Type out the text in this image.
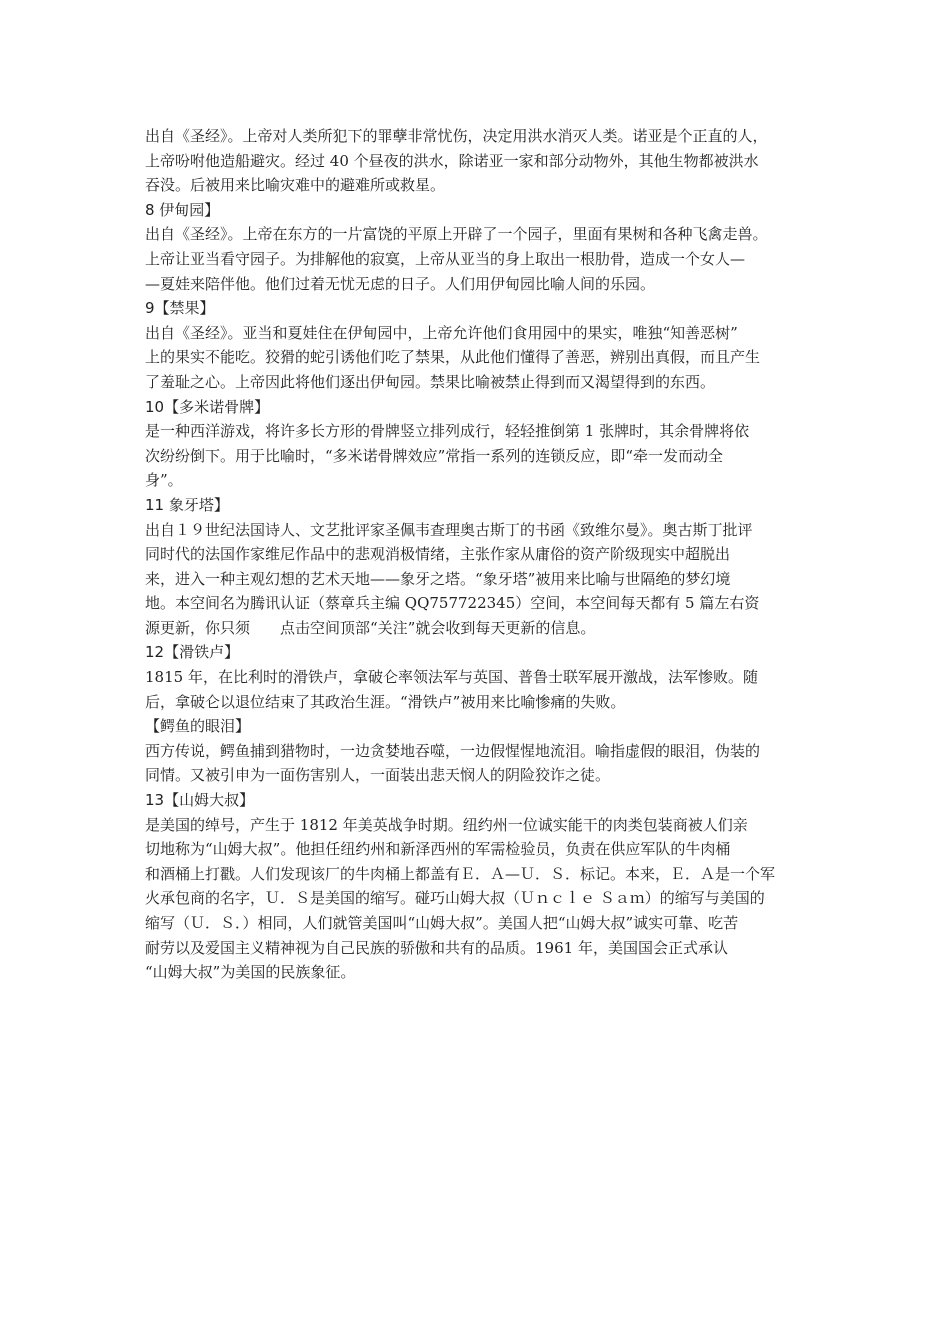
出自《圣经》。上帝对人类所犯下的罪孽非常忧伤，决定用洪水消灭人类。诺亚是个正直的人，
上帝吩咐他造船避灾。经过 40 个昼夜的洪水，除诺亚一家和部分动物外，其他生物都被洪水
吞没。后被用来比喻灾难中的避难所或救星。
8 伊甸园】
出自《圣经》。上帝在东方的一片富饶的平原上开辟了一个园子，里面有果树和各种飞禽走兽。
上帝让亚当看守园子。为排解他的寂寞，上帝从亚当的身上取出一根肋骨，造成一个女人—
—夏娃来陪伴他。他们过着无忧无虑的日子。人们用伊甸园比喻人间的乐园。
9【禁果】
出自《圣经》。亚当和夏娃住在伊甸园中，上帝允许他们食用园中的果实，唯独“知善恶树”
上的果实不能吃。狡猾的蛇引诱他们吃了禁果，从此他们懂得了善恶，辨别出真假，而且产生
了羞耻之心。上帝因此将他们逐出伊甸园。禁果比喻被禁止得到而又渴望得到的东西。
10【多米诺骨牌】
是一种西洋游戏，将许多长方形的骨牌竖立排列成行，轻轻推倒第 1 张牌时，其余骨牌将依
次纷纷倒下。用于比喻时，“多米诺骨牌效应”常指一系列的连锁反应，即“牵一发而动全
身”。
11 象牙塔】
出自１９世纪法国诗人、文艺批评家圣佩韦查理奥古斯丁的书函《致维尔曼》。奥古斯丁批评
同时代的法国作家维尼作品中的悲观消极情绪，主张作家从庸俗的资产阶级现实中超脱出
来，进入一种主观幻想的艺术天地——象牙之塔。“象牙塔”被用来比喻与世隔绝的梦幻境
地。本空间名为腾讯认证（蔡章兵主编 QQ757722345）空间，本空间每天都有 5 篇左右资
源更新，你只须　　点击空间顶部“关注”就会收到每天更新的信息。
12【滑铁卢】
1815 年，在比利时的滑铁卢，拿破仑率领法军与英国、普鲁士联军展开激战，法军惨败。随
后，拿破仑以退位结束了其政治生涯。“滑铁卢”被用来比喻惨痛的失败。
【鳄鱼的眼泪】
西方传说，鳄鱼捕到猎物时，一边贪婪地吞噬，一边假惺惺地流泪。喻指虚假的眼泪，伪装的
同情。又被引申为一面伤害别人，一面装出悲天悯人的阴险狡诈之徒。
13【山姆大叔】
是美国的绰号，产生于 1812 年美英战争时期。纽约州一位诚实能干的肉类包装商被人们亲
切地称为“山姆大叔”。他担任纽约州和新泽西州的军需检验员，负责在供应军队的牛肉桶
和酒桶上打戳。人们发现该厂的牛肉桶上都盖有Ｅ．Ａ—Ｕ．Ｓ．标记。本来，Ｅ．Ａ是一个军
火承包商的名字，Ｕ．Ｓ是美国的缩写。碰巧山姆大叔（Ｕｎｃｌｅ Ｓａｍ）的缩写与美国的
缩写（Ｕ．Ｓ．）相同，人们就管美国叫“山姆大叔”。美国人把“山姆大叔”诚实可靠、吃苦
耐劳以及爱国主义精神视为自己民族的骄傲和共有的品质。1961 年，美国国会正式承认
“山姆大叔”为美国的民族象征。
